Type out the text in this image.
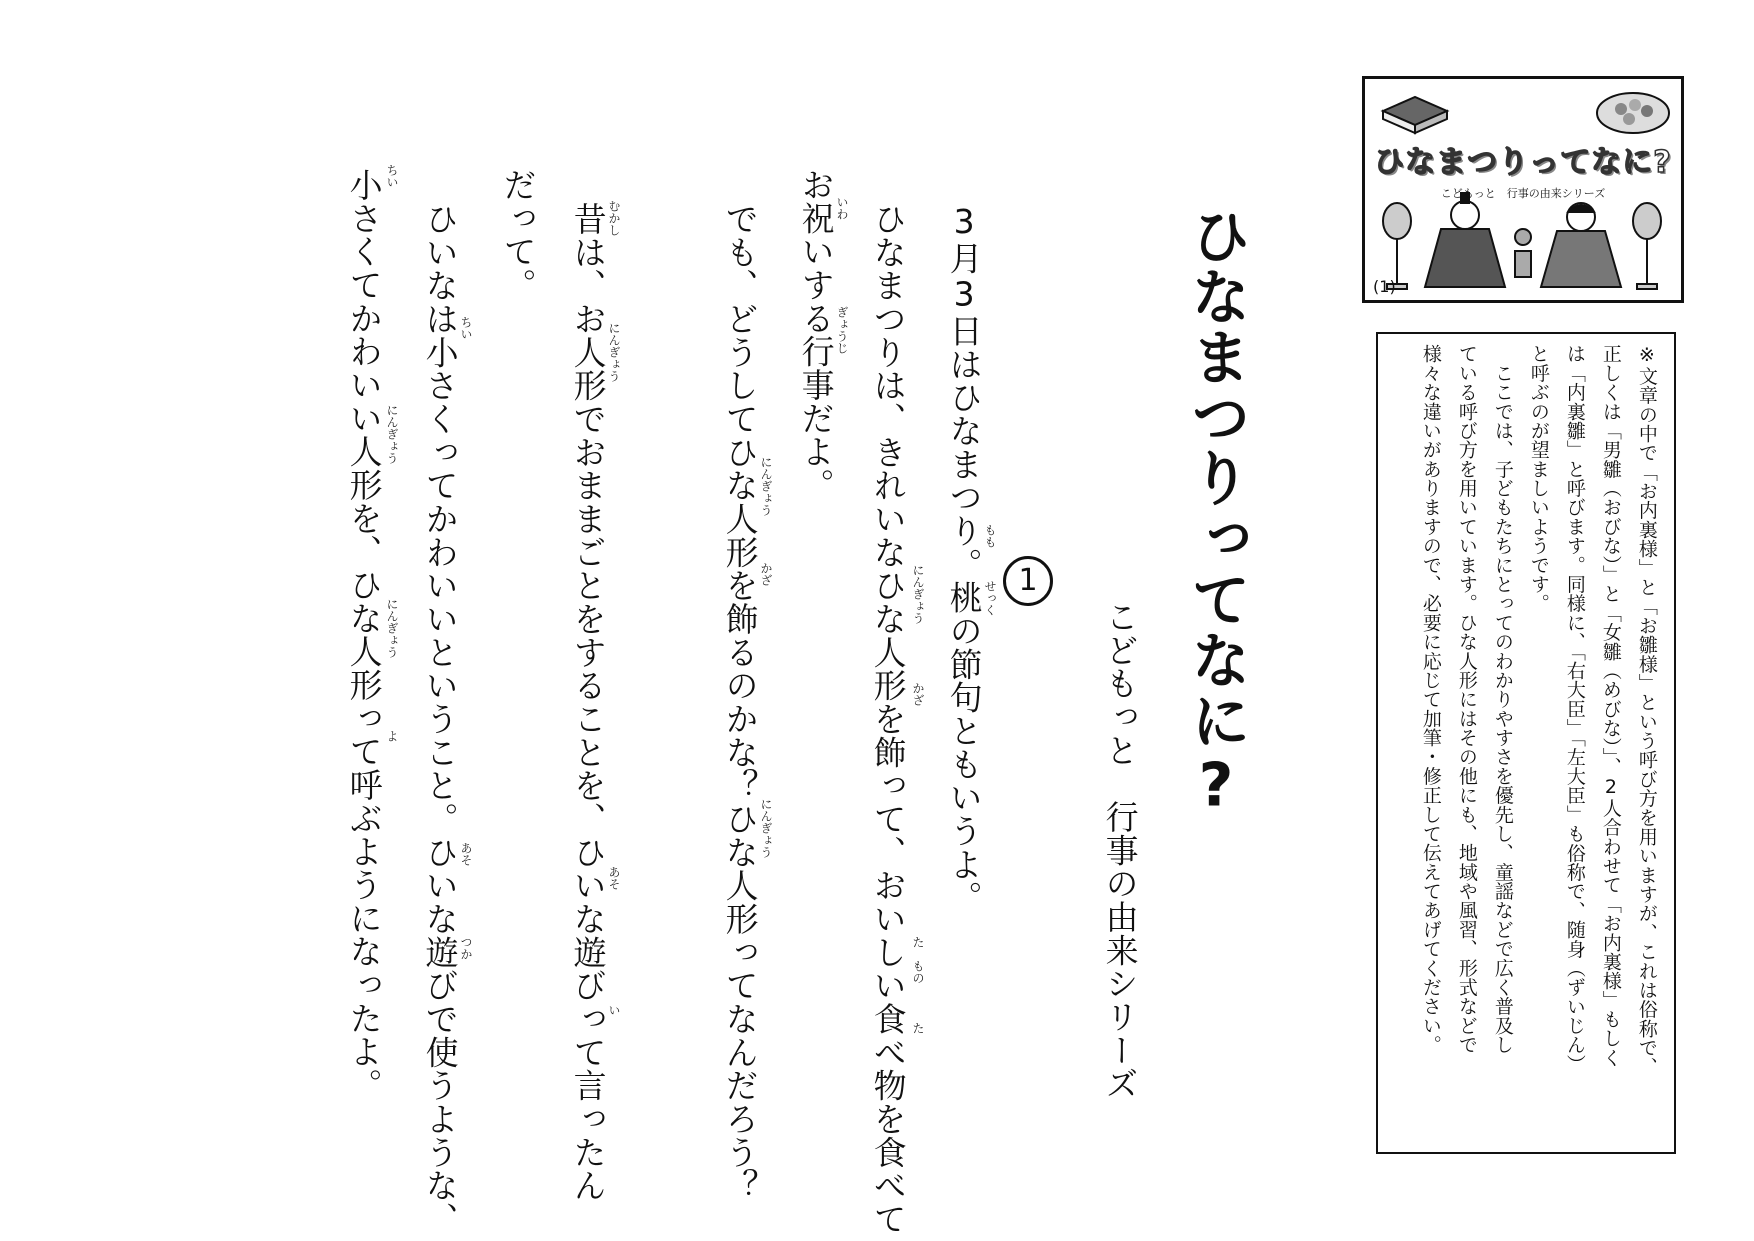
ひなまつりってなに?
こどもっと　行事の由来シリーズ
1
3月3日はひなまつり。桃の節句ともいうよ。
ひなまつりは、きれいなひな人形を飾って、おいしい食べ物を食べて
お祝いする行事だよ。
でも、どうしてひな人形を飾るのかな？ひな人形ってなんだろう？
昔は、お人形でおままごとをすることを、ひいな遊びって言ったん
だって。
ひいなは小さくってかわいいということ。ひいな遊びで使うような、
小さくてかわいい人形を、ひな人形って呼ぶようになったよ。	もも
せっく
にんぎょう
かざ
た
もの
た
いわ
ぎょうじ
にんぎょう
かざ
にんぎょう
むかし
にんぎょう
あそ
い
ちい
あそ
つか
ちい
にんぎょう
にんぎょう
よ
ひなまつりってなに?
こどもっと　行事の由来シリーズ
(1)
※文章の中で「お内裏様」と「お雛様」という呼び方を用いますが、これは俗称で、
正しくは「男雛（おびな）」と「女雛（めびな）」、2人合わせて「お内裏様」もしく
は「内裏雛」と呼びます。同様に、「右大臣」「左大臣」も俗称で、随身（ずいじん）
と呼ぶのが望ましいようです。
　ここでは、子どもたちにとってのわかりやすさを優先し、童謡などで広く普及し
ている呼び方を用いています。ひな人形にはその他にも、地域や風習、形式などで
様々な違いがありますので、必要に応じて加筆・修正して伝えてあげてください。
